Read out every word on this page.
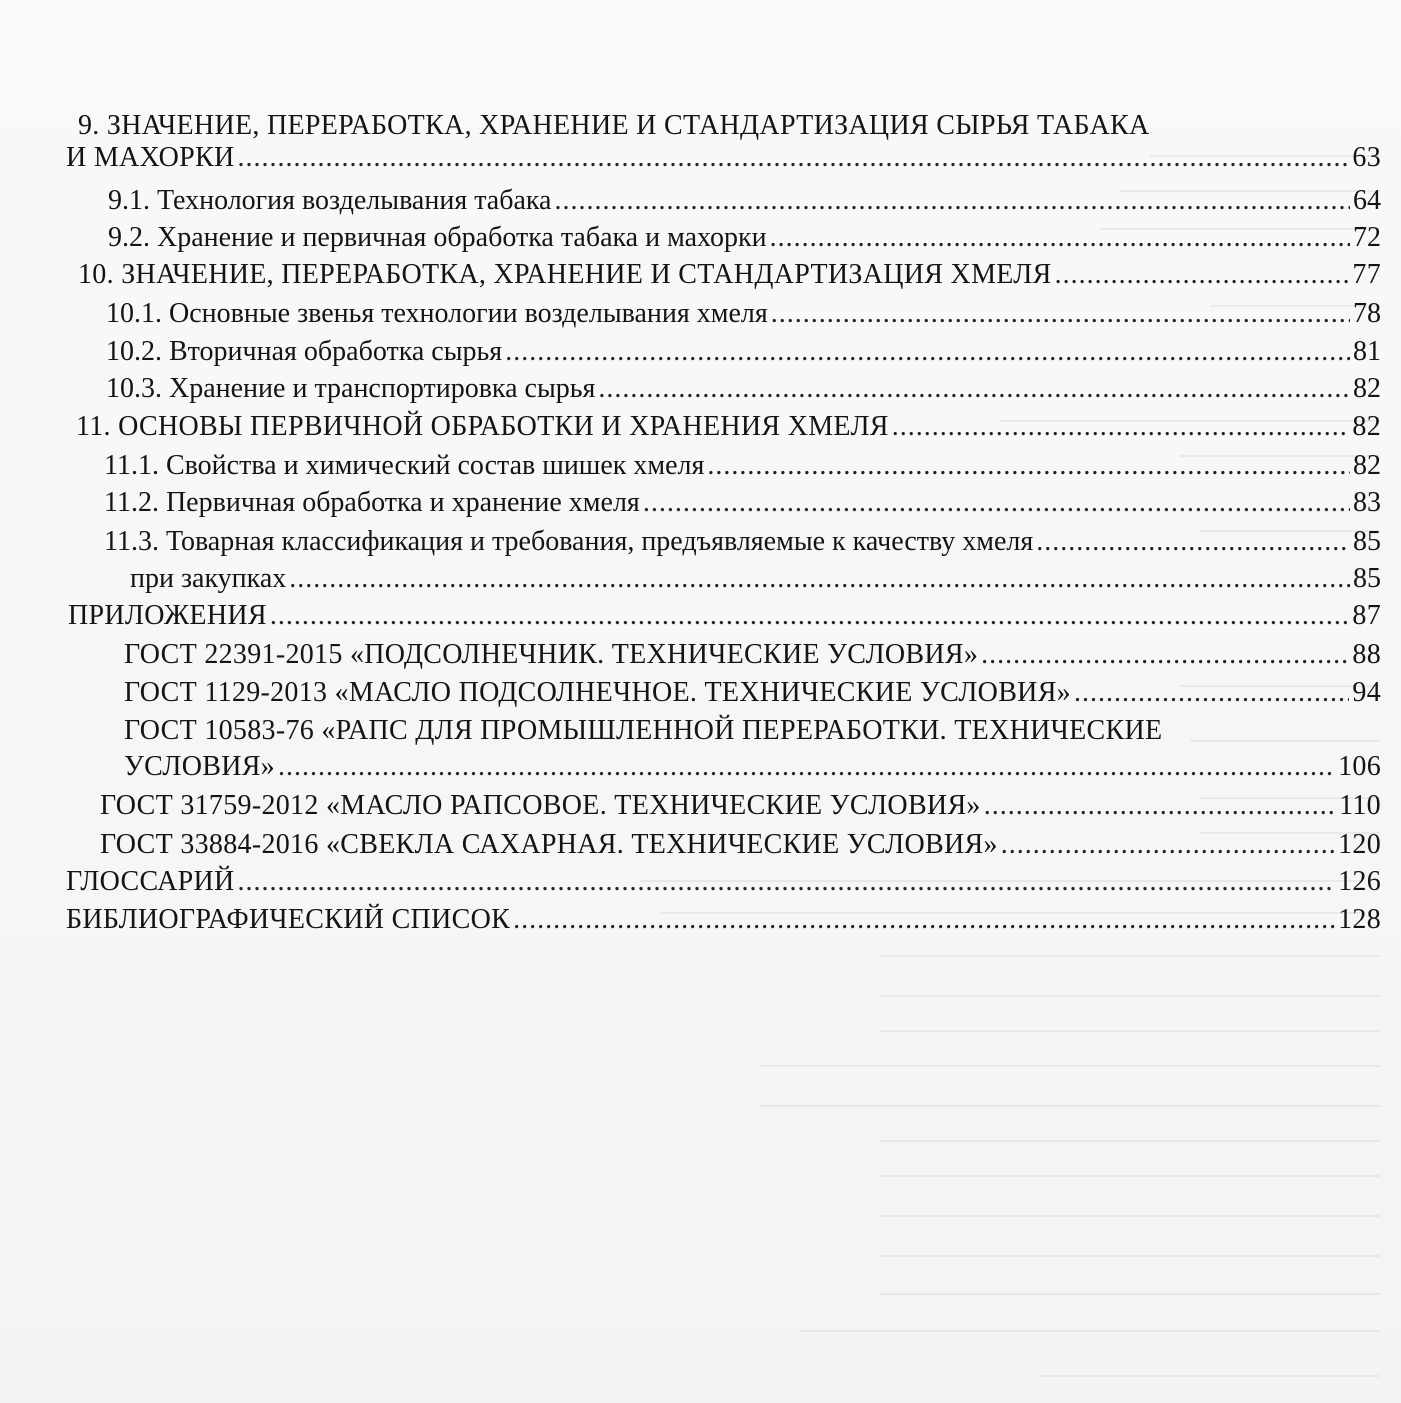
9. ЗНАЧЕНИЕ, ПЕРЕРАБОТКА, ХРАНЕНИЕ И СТАНДАРТИЗАЦИЯ СЫРЬЯ ТАБАКА
И МАХОРКИ .....	63
9.1. Технология возделывания табака .....	64
9.2. Хранение и первичная обработка табака и махорки .....	72
10. ЗНАЧЕНИЕ, ПЕРЕРАБОТКА, ХРАНЕНИЕ И СТАНДАРТИЗАЦИЯ ХМЕЛЯ .....	77
10.1. Основные звенья технологии возделывания хмеля .....	78
10.2. Вторичная обработка сырья .....	81
10.3. Хранение и транспортировка сырья .....	82
11. ОСНОВЫ ПЕРВИЧНОЙ ОБРАБОТКИ И ХРАНЕНИЯ ХМЕЛЯ .....	82
11.1. Свойства и химический состав шишек хмеля .....	82
11.2. Первичная обработка и хранение хмеля .....	83
11.3. Товарная классификация и требования, предъявляемые к качеству хмеля .....	85
при закупках .....	85
ПРИЛОЖЕНИЯ .....	87
ГОСТ 22391-2015 «ПОДСОЛНЕЧНИК. ТЕХНИЧЕСКИЕ УСЛОВИЯ» .....	88
ГОСТ 1129-2013 «МАСЛО ПОДСОЛНЕЧНОЕ. ТЕХНИЧЕСКИЕ УСЛОВИЯ» .....	94
ГОСТ 10583-76 «РАПС ДЛЯ ПРОМЫШЛЕННОЙ ПЕРЕРАБОТКИ. ТЕХНИЧЕСКИЕ
УСЛОВИЯ» .....	106
ГОСТ 31759-2012 «МАСЛО РАПСОВОЕ. ТЕХНИЧЕСКИЕ УСЛОВИЯ» .....	110
ГОСТ 33884-2016 «СВЕКЛА САХАРНАЯ. ТЕХНИЧЕСКИЕ УСЛОВИЯ» .....	120
ГЛОССАРИЙ .....	126
БИБЛИОГРАФИЧЕСКИЙ СПИСОК .....	128
